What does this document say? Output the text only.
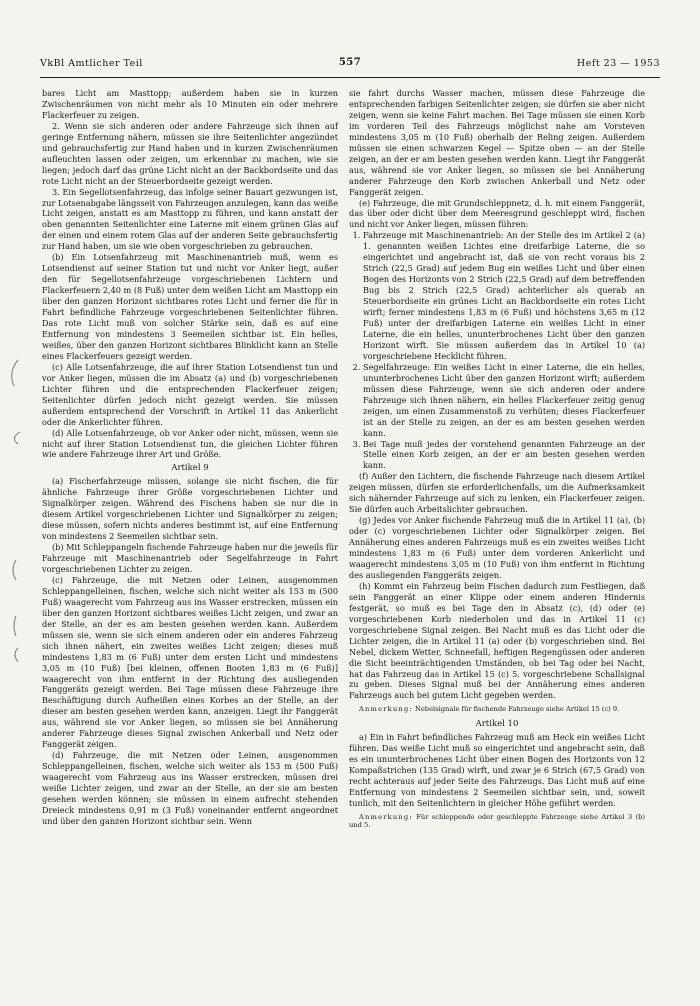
VkBl Amtlicher Teil	557	Heft 23 — 1953

bares Licht am Masttopp; außerdem haben sie in kurzen Zwischenräumen von nicht mehr als 10 Minuten ein oder mehrere Flackerfeuer zu zeigen.

2. Wenn sie sich anderen oder andere Fahrzeuge sich ihnen auf geringe Entfernung nähern, müssen sie ihre Seitenlichter angezündet und gebrauchsfertig zur Hand haben und in kurzen Zwischenräumen aufleuchten lassen oder zeigen, um erkennbar zu machen, wie sie liegen; jedoch darf das grüne Licht nicht an der Backbordseite und das rote Licht nicht an der Steuerbordseite gezeigt werden.

3. Ein Segellotsenfahrzeug, das infolge seiner Bauart gezwungen ist, zur Lotsenabgabe längsseit von Fahrzeugen anzulegen, kann das weiße Licht zeigen, anstatt es am Masttopp zu führen, und kann anstatt der oben genannten Seitenlichter eine Laterne mit einem grünen Glas auf der einen und einem rotem Glas auf der anderen Seite gebrauchsfertig zur Hand haben, um sie wie oben vorgeschrieben zu gebrauchen.

(b) Ein Lotsenfahrzeug mit Maschinenantrieb muß, wenn es Lotsendienst auf seiner Station tut und nicht vor Anker liegt, außer den für Segellotsenfahrzeuge vorgeschriebenen Lichtern und Flackerfeuern 2,40 m (8 Fuß) unter dem weißen Licht am Masttopp ein über den ganzen Horizont sichtbares rotes Licht und ferner die für in Fahrt befindliche Fahrzeuge vorgeschriebenen Seitenlichter führen. Das rote Licht muß von solcher Stärke sein, daß es auf eine Entfernung von mindestens 3 Seemeilen sichtbar ist. Ein helles, weißes, über den ganzen Horizont sichtbares Blinklicht kann an Stelle eines Flackerfeuers gezeigt werden.

(c) Alle Lotsenfahrzeuge, die auf ihrer Station Lotsendienst tun und vor Anker liegen, müssen die im Absatz (a) und (b) vorgeschriebenen Lichter führen und die entsprechenden Flackerfeuer zeigen; Seitenlichter dürfen jedoch nicht gezeigt werden. Sie müssen außerdem entsprechend der Vorschrift in Artikel 11 das Ankerlicht oder die Ankerlichter führen.

(d) Alle Lotsenfahrzeuge, ob vor Anker oder nicht, müssen, wenn sie nicht auf ihrer Station Lotsendienst tun, die gleichen Lichter führen wie andere Fahrzeuge ihrer Art und Größe.

Artikel 9

(a) Fischerfahrzeuge müssen, solange sie nicht fischen, die für ähnliche Fahrzeuge ihrer Größe vorgeschriebenen Lichter und Signalkörper zeigen. Während des Fischens haben sie nur die in diesem Artikel vorgeschriebenen Lichter und Signalkörper zu zeigen; diese müssen, sofern nichts anderes bestimmt ist, auf eine Entfernung von mindestens 2 Seemeilen sichtbar sein.

(b) Mit Schleppangeln fischende Fahrzeuge haben nur die jeweils für Fahrzeuge mit Maschinenantrieb oder Segelfahrzeuge in Fahrt vorgeschriebenen Lichter zu zeigen.

(c) Fahrzeuge, die mit Netzen oder Leinen, ausgenommen Schleppangelleinen, fischen, welche sich nicht weiter als 153 m (500 Fuß) waagerecht vom Fahrzeug aus ins Wasser erstrecken, müssen ein über den ganzen Horizont sichtbares weißes Licht zeigen, und zwar an der Stelle, an der es am besten gesehen werden kann. Außerdem müssen sie, wenn sie sich einem anderen oder ein anderes Fahrzeug sich ihnen nähert, ein zweites weißes Licht zeigen; dieses muß mindestens 1,83 m (6 Fuß) unter dem ersten Licht und mindestens 3,05 m (10 Fuß) [bei kleinen, offenen Booten 1,83 m (6 Fuß)] waagerecht von ihm entfernt in der Richtung des ausliegenden Fanggeräts gezeigt werden. Bei Tage müssen diese Fahrzeuge ihre Beschäftigung durch Aufheißen eines Korbes an der Stelle, an der dieser am besten gesehen werden kann, anzeigen. Liegt ihr Fanggerät aus, während sie vor Anker liegen, so müssen sie bei Annäherung anderer Fahrzeuge dieses Signal zwischen Ankerball und Netz oder Fanggerät zeigen.

(d) Fahrzeuge, die mit Netzen oder Leinen, ausgenommen Schleppangelleinen, fischen, welche sich weiter als 153 m (500 Fuß) waagerecht vom Fahrzeug aus ins Wasser erstrecken, müssen drei weiße Lichter zeigen, und zwar an der Stelle, an der sie am besten gesehen werden können; sie müssen in einem aufrecht stehenden Dreieck mindestens 0,91 m (3 Fuß) voneinander entfernt angeordnet und über den ganzen Horizont sichtbar sein. Wenn

sie fahrt durchs Wasser machen, müssen diese Fahrzeuge die entsprechenden farbigen Seitenlichter zeigen; sie dürfen sie aber nicht zeigen, wenn sie keine Fahrt machen. Bei Tage müssen sie einen Korb im vorderen Teil des Fahrzeugs möglichst nahe am Vorsteven mindestens 3,05 m (10 Fuß) oberhalb der Reling zeigen. Außerdem müssen sie einen schwarzen Kegel — Spitze oben — an der Stelle zeigen, an der er am besten gesehen werden kann. Liegt ihr Fanggerät aus, während sie vor Anker liegen, so müssen sie bei Annäherung anderer Fahrzeuge den Korb zwischen Ankerball und Netz oder Fanggerät zeigen.

(e) Fahrzeuge, die mit Grundschleppnetz, d. h. mit einem Fanggerät, das über oder dicht über dem Meeresgrund geschleppt wird, fischen und nicht vor Anker liegen, müssen führen:

1. Fahrzeuge mit Maschinenantrieb: An der Stelle des im Artikel 2 (a) 1. genannten weißen Lichtes eine dreifarbige Laterne, die so eingerichtet und angebracht ist, daß sie von recht voraus bis 2 Strich (22,5 Grad) auf jedem Bug ein weißes Licht und über einen Bogen des Horizonts von 2 Strich (22,5 Grad) auf dem betreffenden Bug bis 2 Strich (22,5 Grad) achterlicher als querab an Steuerbordseite ein grünes Licht an Backbordseite ein rotes Licht wirft; ferner mindestens 1,83 m (6 Fuß) und höchstens 3,65 m (12 Fuß) unter der dreifarbigen Laterne ein weißes Licht in einer Laterne, die ein helles, ununterbrochenes Licht über den ganzen Horizont wirft. Sie müssen außerdem das in Artikel 10 (a) vorgeschriebene Hecklicht führen.
2. Segelfahrzeuge: Ein weißes Licht in einer Laterne, die ein helles, ununterbrochenes Licht über den ganzen Horizont wirft; außerdem müssen diese Fahrzeuge, wenn sie sich anderen oder andere Fahrzeuge sich ihnen nähern, ein helles Flackerfeuer zeitig genug zeigen, um einen Zusammenstoß zu verhüten; dieses Flackerfeuer ist an der Stelle zu zeigen, an der es am besten gesehen werden kann.
3. Bei Tage muß jedes der vorstehend genannten Fahrzeuge an der Stelle einen Korb zeigen, an der er am besten gesehen werden kann.

(f) Außer den Lichtern, die fischende Fahrzeuge nach diesem Artikel zeigen müssen, dürfen sie erforderlichenfalls, um die Aufmerksamkeit sich nähernder Fahrzeuge auf sich zu lenken, ein Flackerfeuer zeigen. Sie dürfen auch Arbeitslichter gebrauchen.

(g) Jedes vor Anker fischende Fahrzeug muß die in Artikel 11 (a), (b) oder (c) vorgeschriebenen Lichter oder Signalkörper zeigen. Bei Annäherung eines anderen Fahrzeugs muß es ein zweites weißes Licht mindestens 1,83 m (6 Fuß) unter dem vorderen Ankerlicht und waagerecht mindestens 3,05 m (10 Fuß) von ihm entfernt in Richtung des ausliegenden Fanggeräts zeigen.

(h) Kommt ein Fahrzeug beim Fischen dadurch zum Festliegen, daß sein Fanggerät an einer Klippe oder einem anderen Hindernis festgerät, so muß es bei Tage den in Absatz (c), (d) oder (e) vorgeschriebenen Korb niederholen und das in Artikel 11 (c) vorgeschriebene Signal zeigen. Bei Nacht muß es das Licht oder die Lichter zeigen, die in Artikel 11 (a) oder (b) vorgeschrieben sind. Bei Nebel, dickem Wetter, Schneefall, heftigen Regengüssen oder anderen die Sicht beeinträchtigenden Umständen, ob bei Tag oder bei Nacht, hat das Fahrzeug das in Artikel 15 (c) 5. vorgeschriebene Schallsignal zu geben. Dieses Signal muß bei der Annäherung eines anderen Fahrzeugs auch bei gutem Licht gegeben werden.

Anmerkung: Nebelsignale für fischende Fahrzeuge siehe Artikel 15 (c) 9.

Artikel 10

a) Ein in Fahrt befindliches Fahrzeug muß am Heck ein weißes Licht führen. Das weiße Licht muß so eingerichtet und angebracht sein, daß es ein ununterbrochenes Licht über einen Bogen des Horizonts von 12 Kompaßstrichen (135 Grad) wirft, und zwar je 6 Strich (67,5 Grad) von recht achteraus auf jeder Seite des Fahrzeugs. Das Licht muß auf eine Entfernung von mindestens 2 Seemeilen sichtbar sein, und, soweit tunlich, mit den Seitenlichtern in gleicher Höhe geführt werden.

Anmerkung: Für schleppende oder geschleppte Fahrzeuge siehe Artikel 3 (b) und 5.
